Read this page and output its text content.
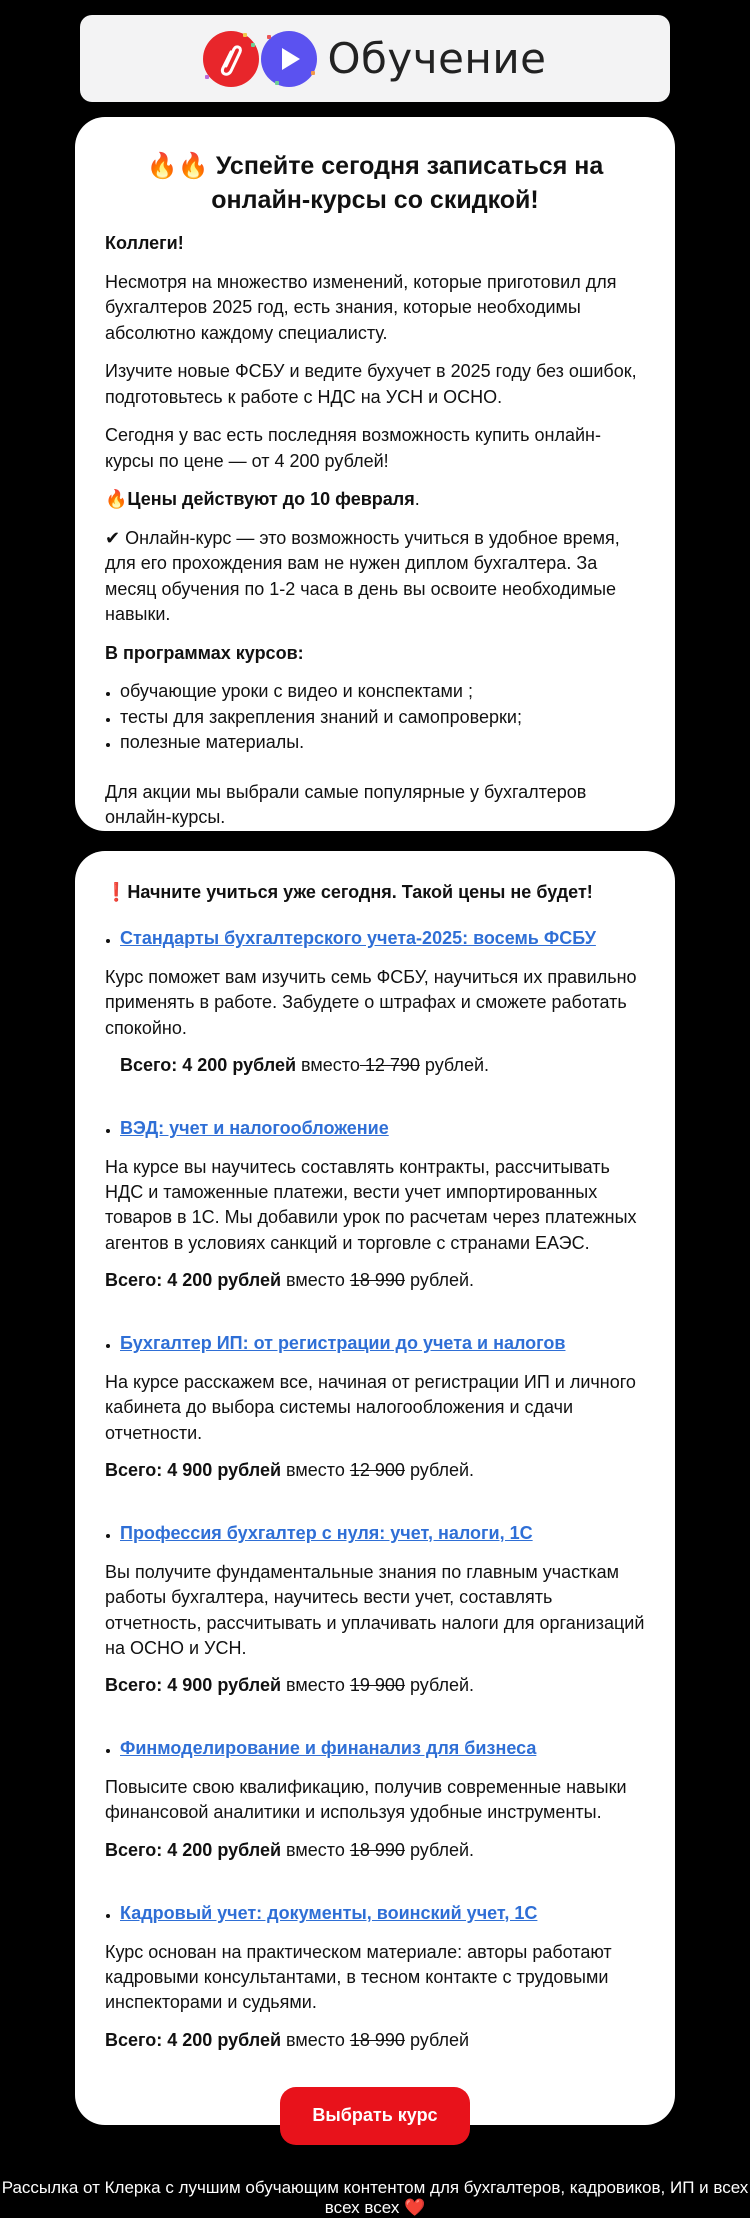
Обучение
🔥🔥 Успейте сегодня записаться на онлайн-курсы со скидкой!

Коллеги!

Несмотря на множество изменений, которые приготовил для бухгалтеров 2025 год, есть знания, которые необходимы абсолютно каждому специалисту.

Изучите новые ФСБУ и ведите бухучет в 2025 году без ошибок, подготовьтесь к работе с НДС на УСН и ОСНО.

Сегодня у вас есть последняя возможность купить онлайн-курсы по цене — от 4 200 рублей!

🔥Цены действуют до 10 февраля.

✔ Онлайн-курс — это возможность учиться в удобное время, для его прохождения вам не нужен диплом бухгалтера. За месяц обучения по 1-2 часа в день вы освоите необходимые навыки.

В программах курсов:

• обучающие уроки с видео и конспектами ;
• тесты для закрепления знаний и самопроверки;
• полезные материалы.

Для акции мы выбрали самые популярные у бухгалтеров онлайн-курсы.

❗Начните учиться уже сегодня. Такой цены не будет!
Стандарты бухгалтерского учета-2025: восемь ФСБУ
Курс поможет вам изучить семь ФСБУ, научиться их правильно применять в работе. Забудете о штрафах и сможете работать спокойно.
Всего: 4 200 рублей вместо 12 790 рублей.
ВЭД: учет и налогообложение
На курсе вы научитесь составлять контракты, рассчитывать НДС и таможенные платежи, вести учет импортированных товаров в 1С. Мы добавили урок по расчетам через платежных агентов в условиях санкций и торговле с странами ЕАЭС.
Всего: 4 200 рублей вместо 18 990 рублей.
Бухгалтер ИП: от регистрации до учета и налогов
На курсе расскажем все, начиная от регистрации ИП и личного кабинета до выбора системы налогообложения и сдачи отчетности.
Всего: 4 900 рублей вместо 12 900 рублей.
Профессия бухгалтер с нуля: учет, налоги, 1С
Вы получите фундаментальные знания по главным участкам работы бухгалтера, научитесь вести учет, составлять отчетность, рассчитывать и уплачивать налоги для организаций на ОСНО и УСН.
Всего: 4 900 рублей вместо 19 900 рублей.
Финмоделирование и финанализ для бизнеса
Повысите свою квалификацию, получив современные навыки финансовой аналитики и используя удобные инструменты.
Всего: 4 200 рублей вместо 18 990 рублей.
Кадровый учет: документы, воинский учет, 1С
Курс основан на практическом материале: авторы работают кадровыми консультантами, в тесном контакте с трудовыми инспекторами и судьями.
Всего: 4 200 рублей вместо 18 990 рублей
Выбрать курс
Рассылка от Клерка с лучшим обучающим контентом для бухгалтеров, кадровиков, ИП и всех всех всех ❤️
